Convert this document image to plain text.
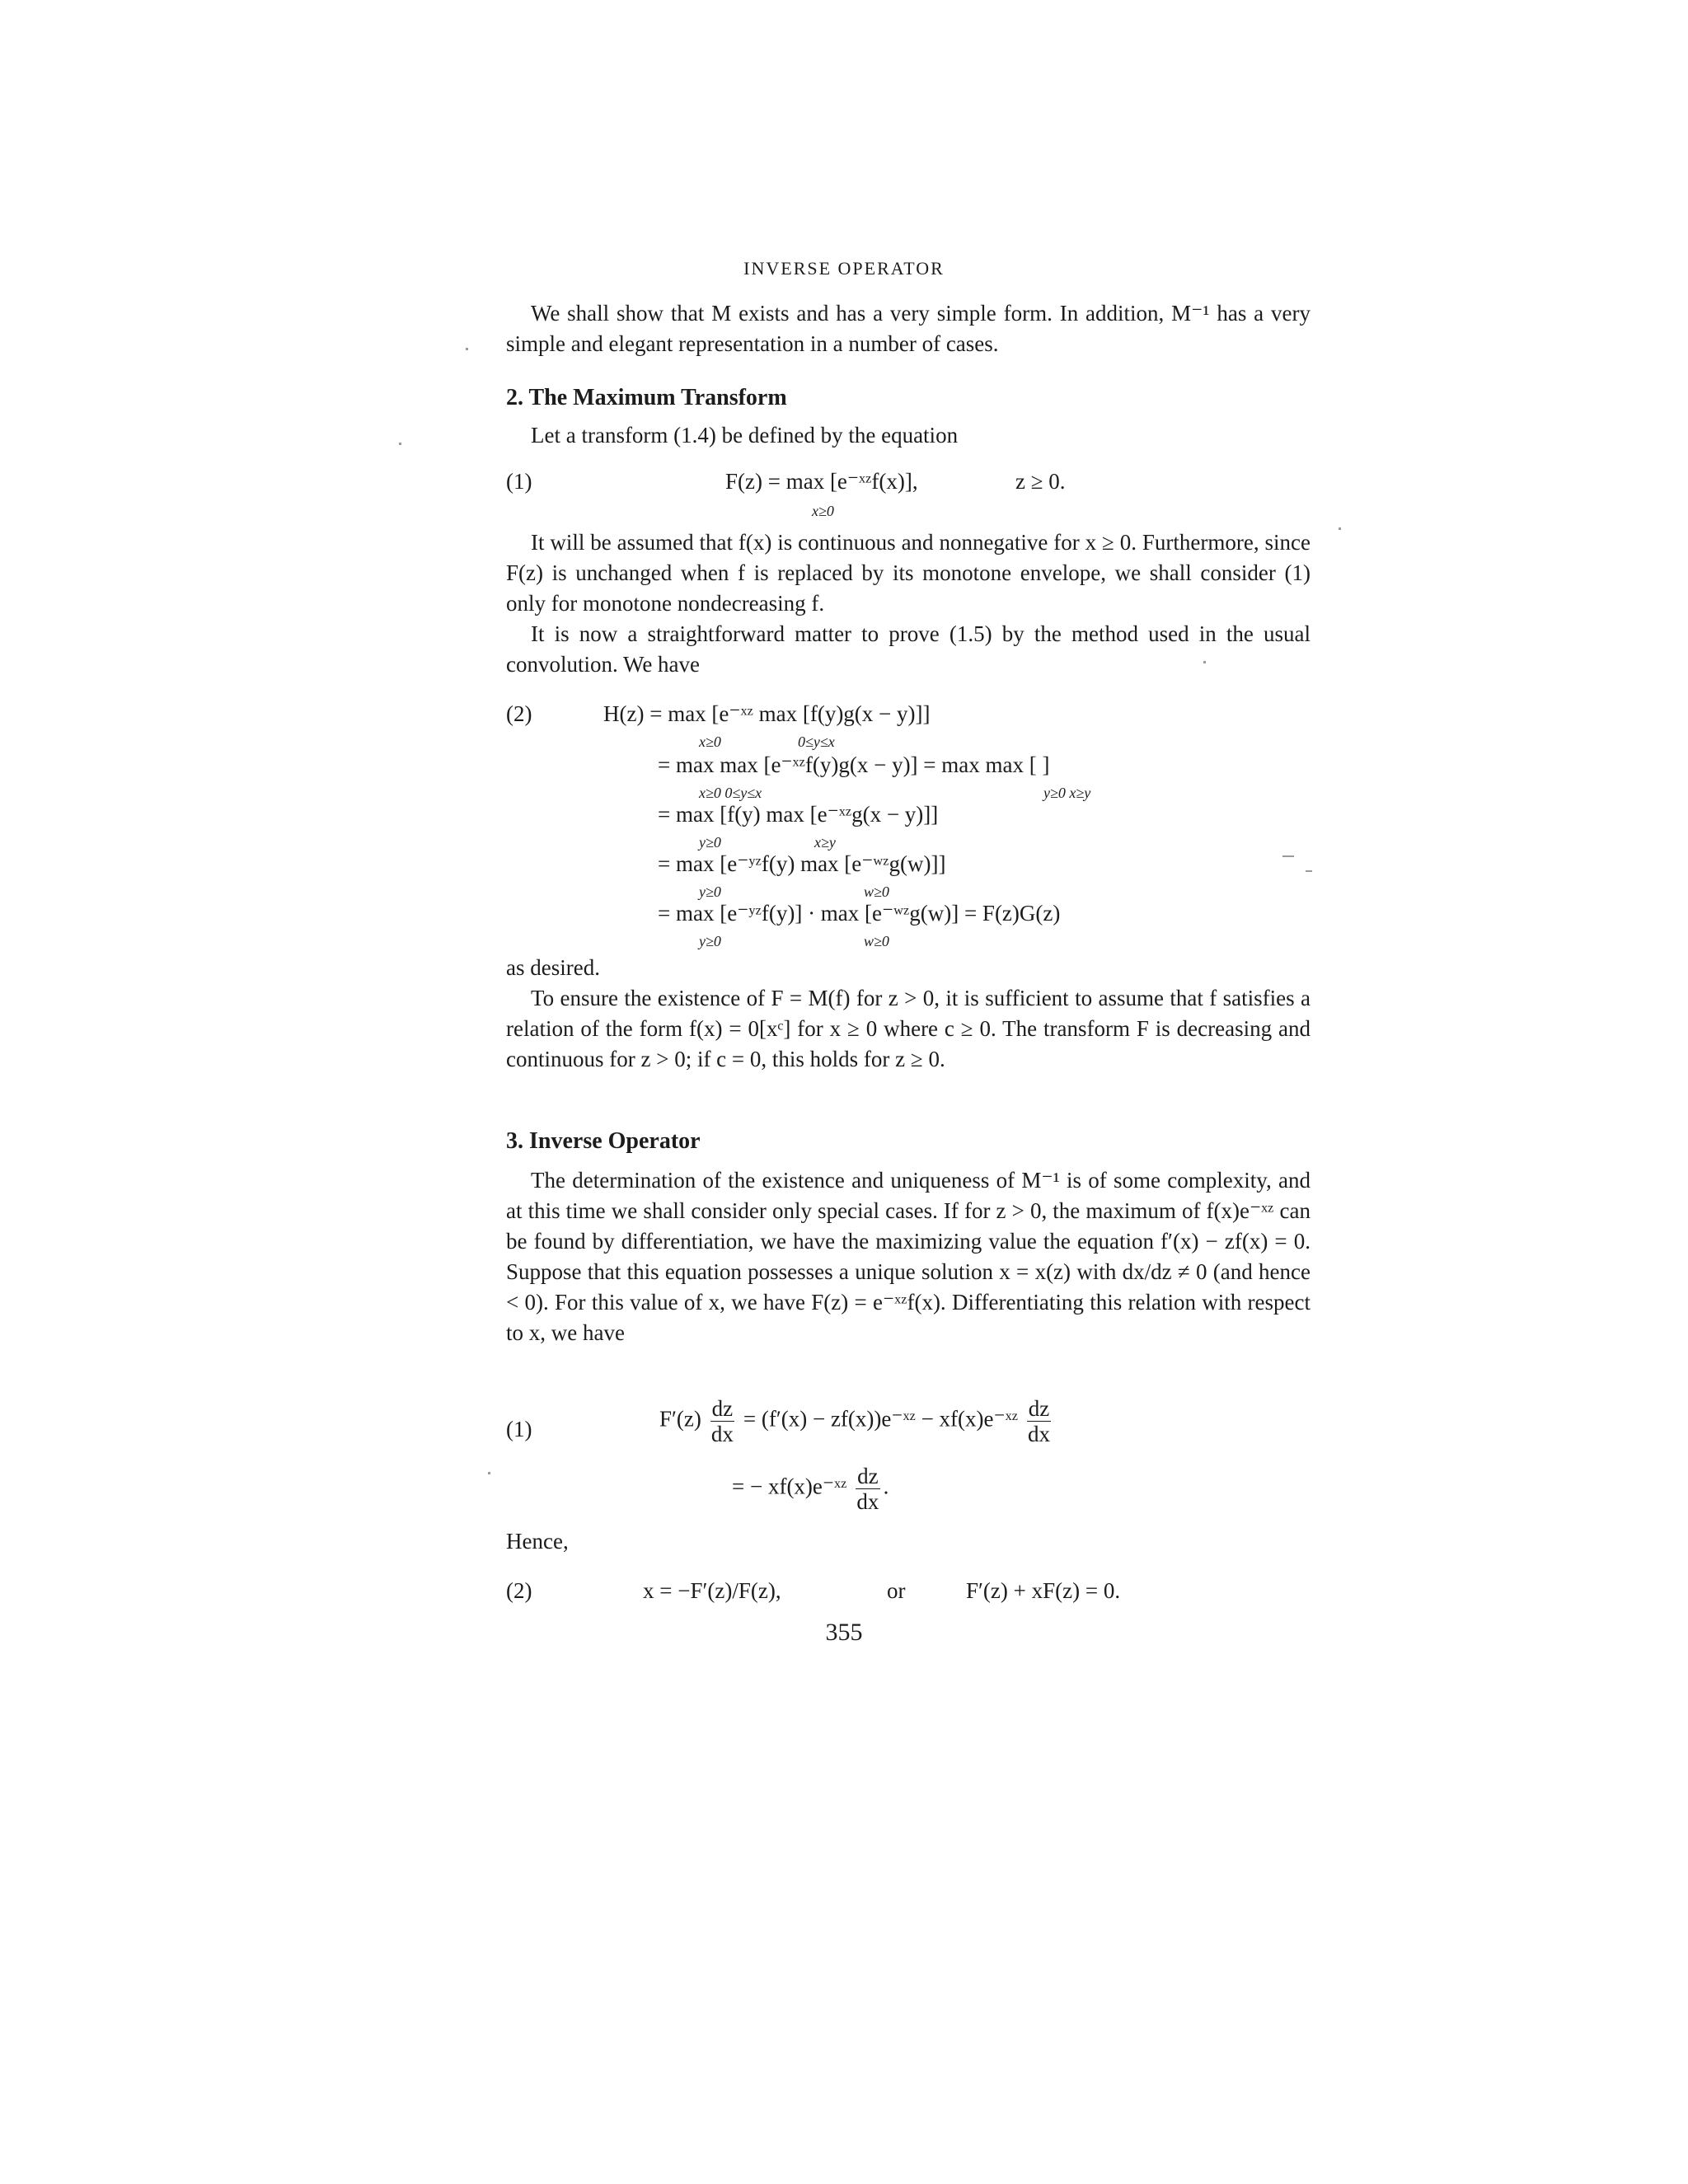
INVERSE OPERATOR

We shall show that M exists and has a very simple form. In addition, M⁻¹ has a very simple and elegant representation in a number of cases.

2. The Maximum Transform

Let a transform (1.4) be defined by the equation

(1)	F(z) = max [e⁻ˣᶻf(x)],
x≥0
z ≥ 0.

It will be assumed that f(x) is continuous and nonnegative for x ≥ 0. Furthermore, since F(z) is unchanged when f is replaced by its monotone envelope, we shall consider (1) only for monotone nondecreasing f.

It is now a straightforward matter to prove (1.5) by the method used in the usual convolution. We have

(2)	H(z) = max [e⁻ˣᶻ max [f(y)g(x − y)]]
x≥0	0≤y≤x
= max max [e⁻ˣᶻf(y)g(x − y)] = max max [ ]
x≥0 0≤y≤x	y≥0 x≥y
= max [f(y) max [e⁻ˣᶻg(x − y)]]
y≥0	x≥y
= max [e⁻ʸᶻf(y) max [e⁻ʷᶻg(w)]]
y≥0	w≥0
= max [e⁻ʸᶻf(y)] · max [e⁻ʷᶻg(w)] = F(z)G(z)
y≥0	w≥0
as desired.

To ensure the existence of F = M(f) for z > 0, it is sufficient to assume that f satisfies a relation of the form f(x) = 0[xᶜ] for x ≥ 0 where c ≥ 0. The transform F is decreasing and continuous for z > 0; if c = 0, this holds for z ≥ 0.

3. Inverse Operator

The determination of the existence and uniqueness of M⁻¹ is of some complexity, and at this time we shall consider only special cases. If for z > 0, the maximum of f(x)e⁻ˣᶻ can be found by differentiation, we have the maximizing value the equation f′(x) − zf(x) = 0. Suppose that this equation possesses a unique solution x = x(z) with dx/dz ≠ 0 (and hence < 0). For this value of x, we have F(z) = e⁻ˣᶻf(x). Differentiating this relation with respect to x, we have

(1)	$F'(z) \frac{dz}{dx} = (f'(x)$ − zf(x))e⁻ˣᶻ − xf(x)e⁻ˣᶻ $\frac{dz}{dx}$
= − xf(x)e⁻ˣᶻ $\frac{dz}{dx}$ .
Hence,
(2)	x = −F′(z)/F(z),	or	F′(z) + xF(z) = 0.
355
